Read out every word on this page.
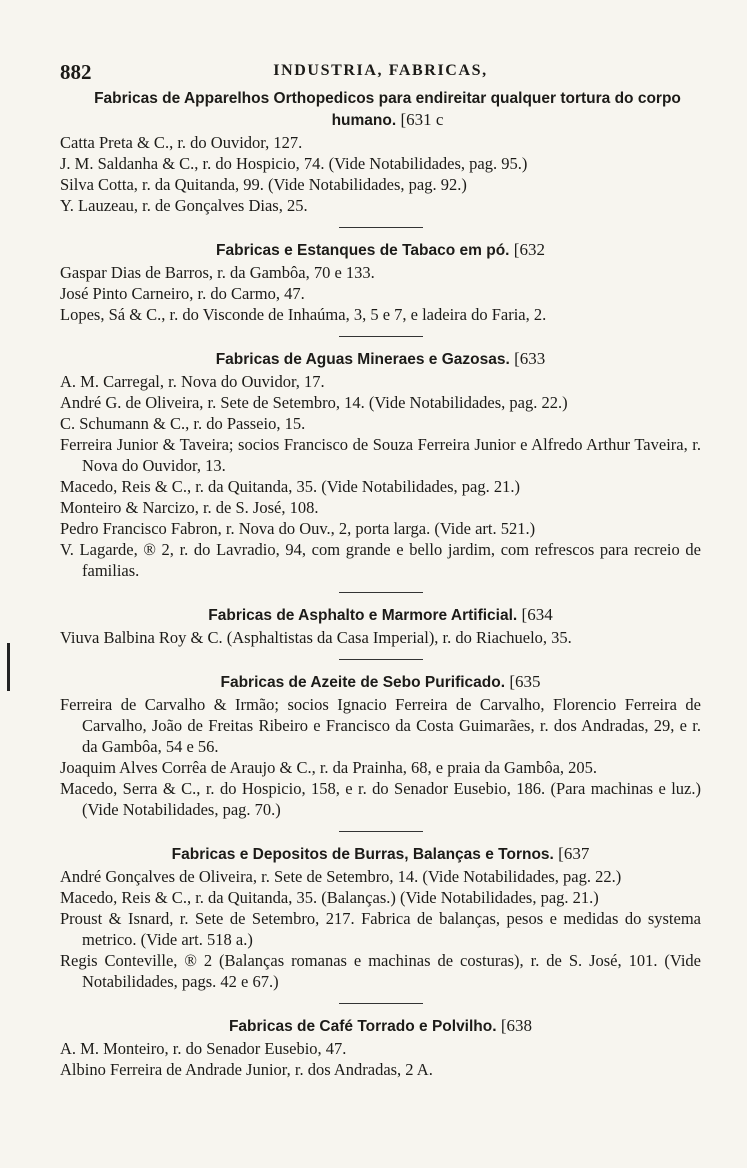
882	INDUSTRIA, FABRICAS,

Fabricas de Apparelhos Orthopedicos para endireitar qualquer tortura do corpo humano. [631 c

Catta Preta & C., r. do Ouvidor, 127.

J. M. Saldanha & C., r. do Hospicio, 74. (Vide Notabilidades, pag. 95.)

Silva Cotta, r. da Quitanda, 99. (Vide Notabilidades, pag. 92.)

Y. Lauzeau, r. de Gonçalves Dias, 25.

Fabricas e Estanques de Tabaco em pó. [632

Gaspar Dias de Barros, r. da Gambôa, 70 e 133.

José Pinto Carneiro, r. do Carmo, 47.

Lopes, Sá & C., r. do Visconde de Inhaúma, 3, 5 e 7, e ladeira do Faria, 2.

Fabricas de Aguas Mineraes e Gazosas. [633

A. M. Carregal, r. Nova do Ouvidor, 17.

André G. de Oliveira, r. Sete de Setembro, 14. (Vide Notabilidades, pag. 22.)

C. Schumann & C., r. do Passeio, 15.

Ferreira Junior & Taveira; socios Francisco de Souza Ferreira Junior e Alfredo Arthur Taveira, r. Nova do Ouvidor, 13.

Macedo, Reis & C., r. da Quitanda, 35. (Vide Notabilidades, pag. 21.)

Monteiro & Narcizo, r. de S. José, 108.

Pedro Francisco Fabron, r. Nova do Ouv., 2, porta larga. (Vide art. 521.)

V. Lagarde, ® 2, r. do Lavradio, 94, com grande e bello jardim, com refrescos para recreio de familias.

Fabricas de Asphalto e Marmore Artificial. [634

Viuva Balbina Roy & C. (Asphaltistas da Casa Imperial), r. do Riachuelo, 35.

Fabricas de Azeite de Sebo Purificado. [635

Ferreira de Carvalho & Irmão; socios Ignacio Ferreira de Carvalho, Florencio Ferreira de Carvalho, João de Freitas Ribeiro e Francisco da Costa Guimarães, r. dos Andradas, 29, e r. da Gambôa, 54 e 56.

Joaquim Alves Corrêa de Araujo & C., r. da Prainha, 68, e praia da Gambôa, 205.

Macedo, Serra & C., r. do Hospicio, 158, e r. do Senador Eusebio, 186. (Para machinas e luz.) (Vide Notabilidades, pag. 70.)

Fabricas e Depositos de Burras, Balanças e Tornos. [637

André Gonçalves de Oliveira, r. Sete de Setembro, 14. (Vide Notabilidades, pag. 22.)

Macedo, Reis & C., r. da Quitanda, 35. (Balanças.) (Vide Notabilidades, pag. 21.)

Proust & Isnard, r. Sete de Setembro, 217. Fabrica de balanças, pesos e medidas do systema metrico. (Vide art. 518 a.)

Regis Conteville, ® 2 (Balanças romanas e machinas de costuras), r. de S. José, 101. (Vide Notabilidades, pags. 42 e 67.)

Fabricas de Café Torrado e Polvilho. [638

A. M. Monteiro, r. do Senador Eusebio, 47.

Albino Ferreira de Andrade Junior, r. dos Andradas, 2 A.
